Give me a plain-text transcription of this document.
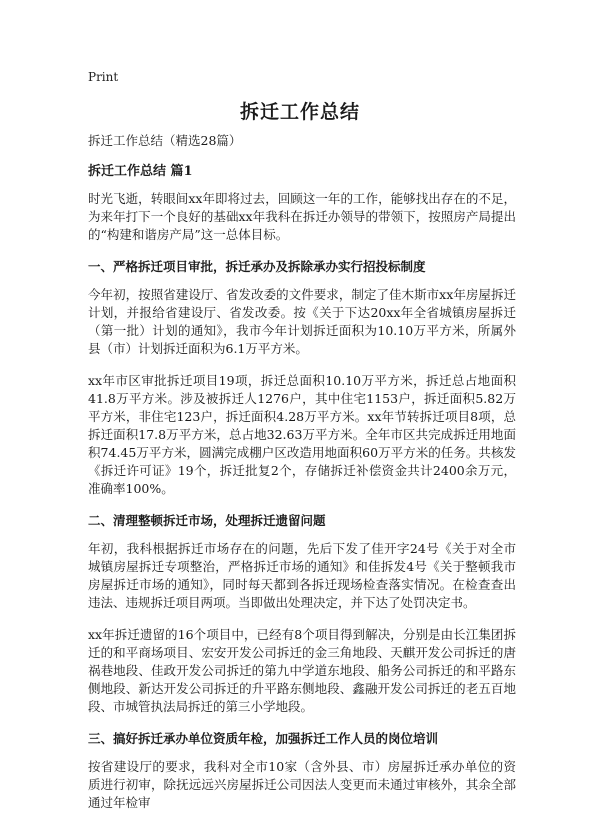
Print
拆迁工作总结

拆迁工作总结（精选28篇）

拆迁工作总结 篇1

时光飞逝，转眼间xx年即将过去，回顾这一年的工作，能够找出存在的不足，为来年打下一个良好的基础xx年我科在拆迁办领导的带领下，按照房产局提出的“构建和谐房产局”这一总体目标。

一、严格拆迁项目审批，拆迁承办及拆除承办实行招投标制度

今年初，按照省建设厅、省发改委的文件要求，制定了佳木斯市xx年房屋拆迁计划，并报给省建设厅、省发改委。按《关于下达20xx年全省城镇房屋拆迁（第一批）计划的通知》，我市今年计划拆迁面积为10.10万平方米，所属外县（市）计划拆迁面积为6.1万平方米。

xx年市区审批拆迁项目19项，拆迁总面积10.10万平方米，拆迁总占地面积41.8万平方米。涉及被拆迁人1276户，其中住宅1153户，拆迁面积5.82万平方米，非住宅123户，拆迁面积4.28万平方米。xx年节转拆迁项目8项，总拆迁面积17.8万平方米，总占地32.63万平方米。全年市区共完成拆迁用地面积74.45万平方米，圆满完成棚户区改造用地面积60万平方米的任务。共核发《拆迁许可证》19个，拆迁批复2个，存储拆迁补偿资金共计2400余万元，准确率100%。

二、清理整顿拆迁市场，处理拆迁遗留问题

年初，我科根据拆迁市场存在的问题，先后下发了佳开字24号《关于对全市城镇房屋拆迁专项整治，严格拆迁市场的通知》和佳拆发4号《关于整顿我市房屋拆迁市场的通知》，同时每天都到各拆迁现场检查落实情况。在检查查出违法、违规拆迁项目两项。当即做出处理决定，并下达了处罚决定书。

xx年拆迁遗留的16个项目中，已经有8个项目得到解决，分别是由长江集团拆迁的和平商场项目、宏安开发公司拆迁的金三角地段、天麒开发公司拆迁的唐祸巷地段、佳政开发公司拆迁的第九中学道东地段、船务公司拆迁的和平路东侧地段、新达开发公司拆迁的升平路东侧地段、鑫融开发公司拆迁的老五百地段、市城管执法局拆迁的第三小学地段。

三、搞好拆迁承办单位资质年检，加强拆迁工作人员的岗位培训

按省建设厅的要求，我科对全市10家（含外县、市）房屋拆迁承办单位的资质进行初审，除抚远远兴房屋拆迁公司因法人变更而未通过审核外，其余全部通过年检审
